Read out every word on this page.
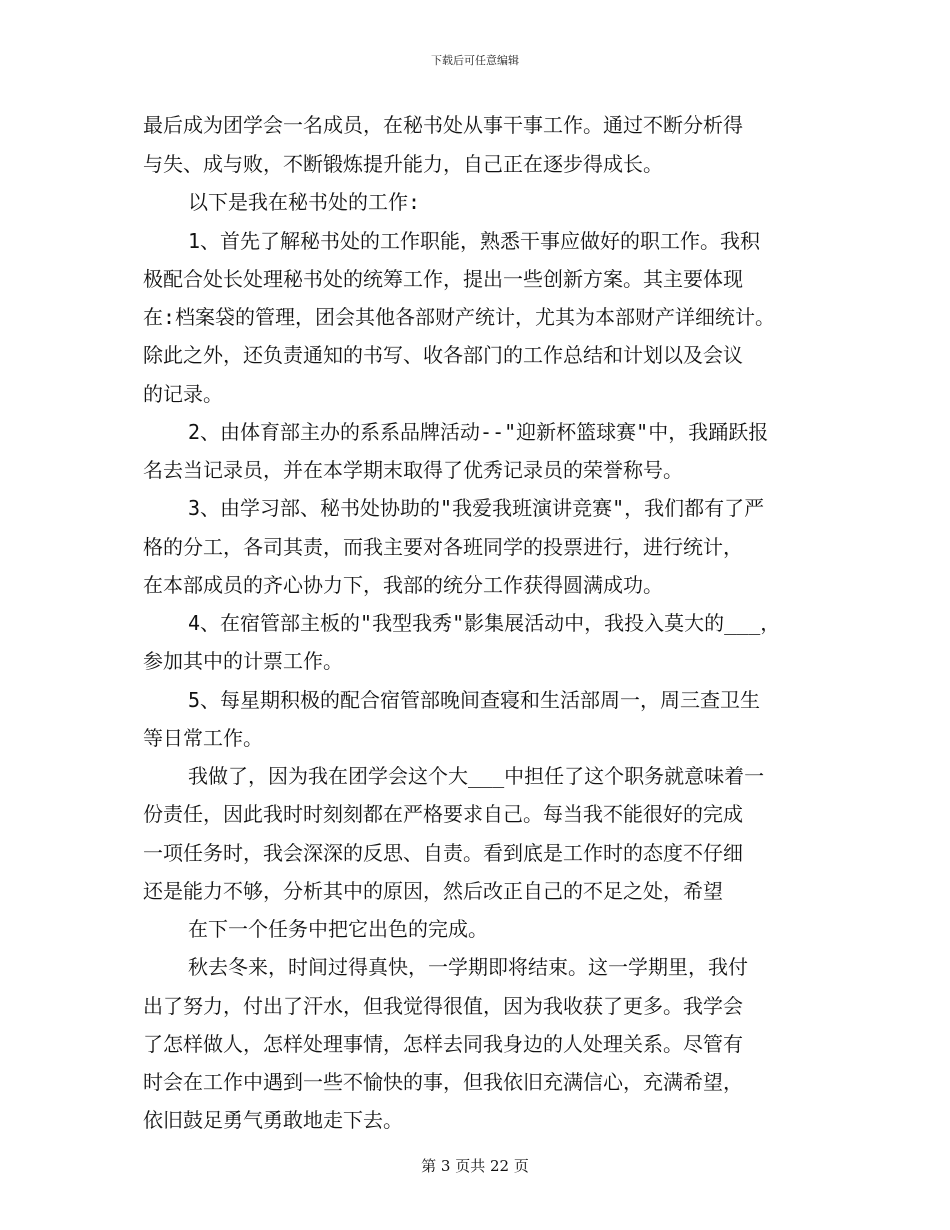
下载后可任意编辑
最后成为团学会一名成员，在秘书处从事干事工作。通过不断分析得
与失、成与败，不断锻炼提升能力，自己正在逐步得成长。
以下是我在秘书处的工作:
1、首先了解秘书处的工作职能，熟悉干事应做好的职工作。我积
极配合处长处理秘书处的统筹工作，提出一些创新方案。其主要体现
在:档案袋的管理，团会其他各部财产统计，尤其为本部财产详细统计。
除此之外，还负责通知的书写、收各部门的工作总结和计划以及会议
的记录。
2、由体育部主办的系系品牌活动--"迎新杯篮球赛"中，我踊跃报
名去当记录员，并在本学期末取得了优秀记录员的荣誉称号。
3、由学习部、秘书处协助的"我爱我班演讲竞赛"，我们都有了严
格的分工，各司其责，而我主要对各班同学的投票进行，进行统计，
在本部成员的齐心协力下，我部的统分工作获得圆满成功。
4、在宿管部主板的"我型我秀"影集展活动中，我投入莫大的___，
参加其中的计票工作。
5、每星期积极的配合宿管部晚间查寝和生活部周一，周三查卫生
等日常工作。
我做了，因为我在团学会这个大___中担任了这个职务就意味着一
份责任，因此我时时刻刻都在严格要求自己。每当我不能很好的完成
一项任务时，我会深深的反思、自责。看到底是工作时的态度不仔细
还是能力不够，分析其中的原因，然后改正自己的不足之处，希望
在下一个任务中把它出色的完成。
秋去冬来，时间过得真快，一学期即将结束。这一学期里，我付
出了努力，付出了汗水，但我觉得很值，因为我收获了更多。我学会
了怎样做人，怎样处理事情，怎样去同我身边的人处理关系。尽管有
时会在工作中遇到一些不愉快的事，但我依旧充满信心，充满希望，
依旧鼓足勇气勇敢地走下去。
第 3 页共 22 页
